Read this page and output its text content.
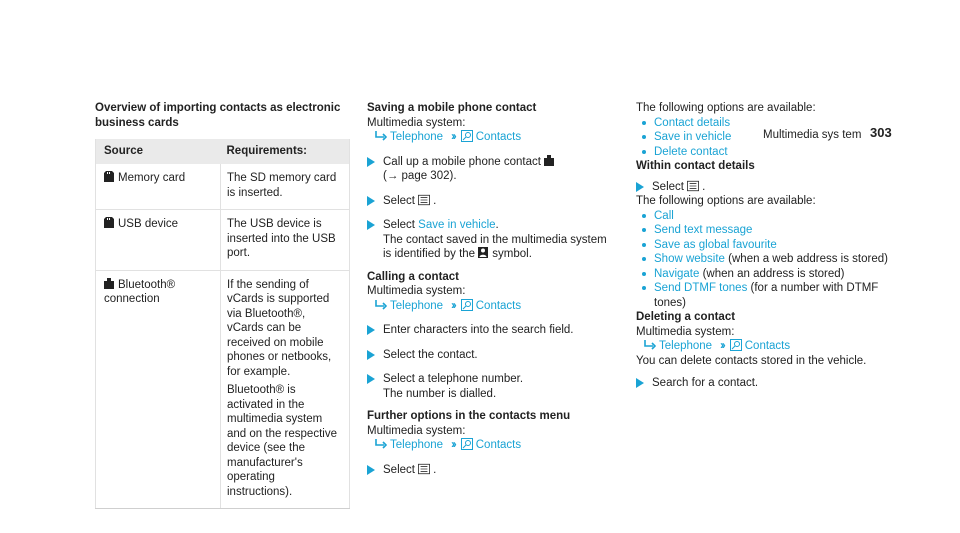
Multimedia sys tem 303
Overview of importing contacts as electronic business cards
Source	Requirements:
Memory card	The SD memory card is inserted.
USB device	The USB device is inserted into the USB port.
Bluetooth® connection	If the sending of vCards is supported via Bluetooth®, vCards can be received on mobile phones or netbooks, for example.
Bluetooth® is activated in the multimedia system and on the respective device (see the manufacturer's operating instructions).
Saving a mobile phone contact
Multimedia system:
Telephone ›› Contacts
Call up a mobile phone contact
(→ page 302).
Select .
Select Save in vehicle.
The contact saved in the multimedia system
is identified by the symbol.
Calling a contact
Multimedia system:
Telephone ›› Contacts
Enter characters into the search field.
Select the contact.
Select a telephone number.
The number is dialled.
Further options in the contacts menu
Multimedia system:
Telephone ›› Contacts
Select .
The following options are available:
Contact details
Save in vehicle
Delete contact
Within contact details
Select .
The following options are available:
Call
Send text message
Save as global favourite
Show website (when a web address is stored)
Navigate (when an address is stored)
Send DTMF tones (for a number with DTMF tones)
Deleting a contact
Multimedia system:
Telephone ›› Contacts
You can delete contacts stored in the vehicle.
Search for a contact.
